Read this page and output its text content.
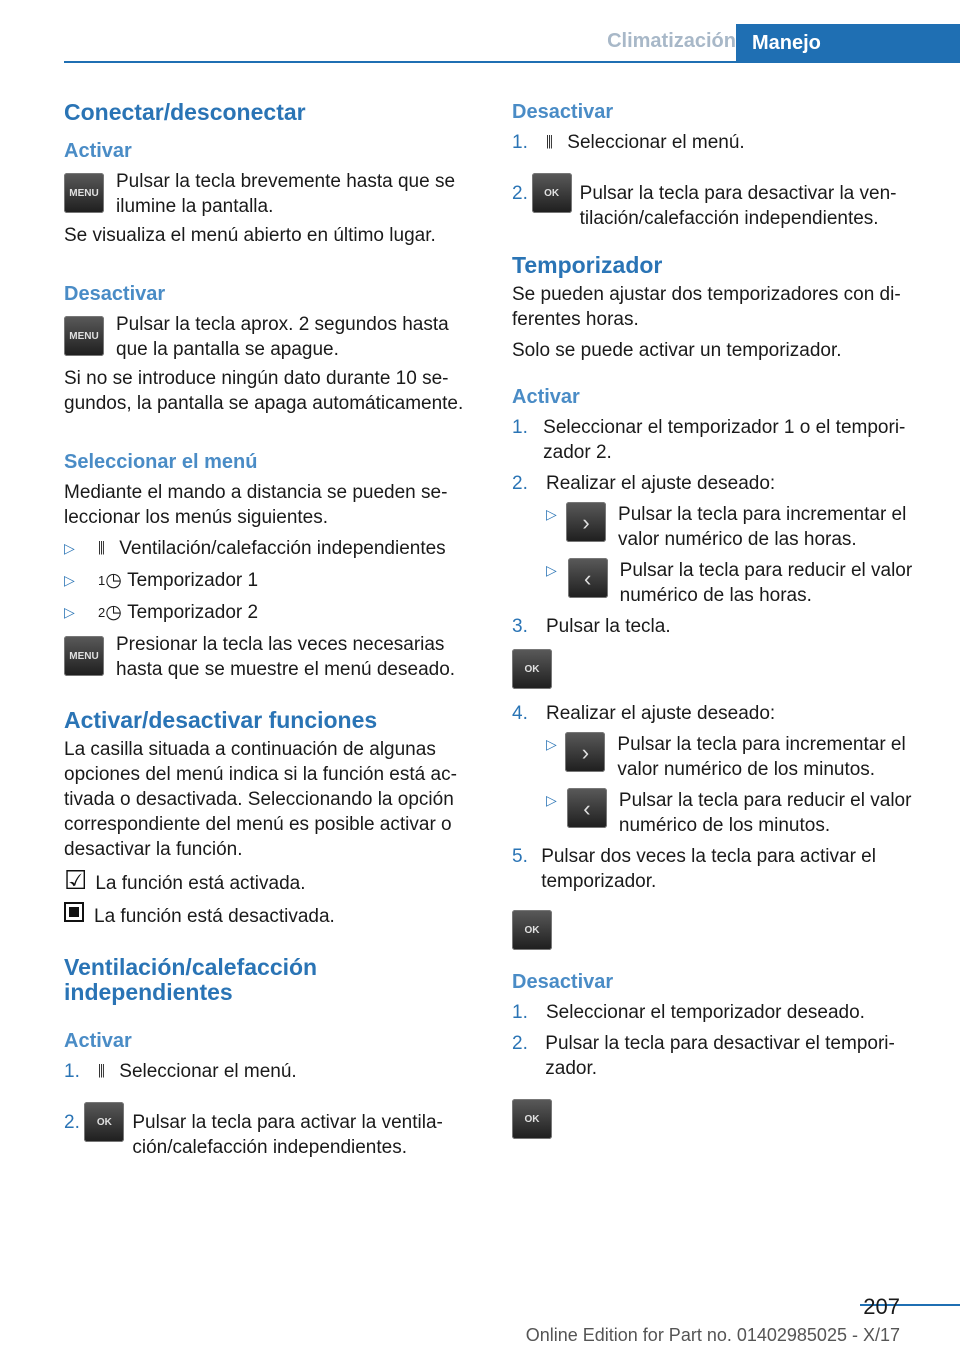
Climatización Manejo
Conectar/desconectar
Activar
MENU

Pulsar la tecla brevemente hasta que se ilumine la pantalla.

Se visualiza el menú abierto en último lugar.

Desactivar
MENU

Pulsar la tecla aprox. 2 segundos hasta que la pantalla se apague.

Si no se introduce ningún dato durante 10 segundos, la pantalla se apaga automáticamente.

Seleccionar el menú

Mediante el mando a distancia se pueden seleccionar los menús siguientes.

▷	⫼
Ventilación/calefacción independientes
▷	1 ◷
Temporizador 1
▷	2 ◷
Temporizador 2
MENU

Presionar la tecla las veces necesarias hasta que se muestre el menú deseado.

Activar/desactivar funciones

La casilla situada a continuación de algunas opciones del menú indica si la función está activada o desactivada. Seleccionando la opción correspondiente del menú es posible activar o desactivar la función.

☑ La función está activada.

La función está desactivada.

Ventilación/calefacción independientes
Activar
1.	⫼
Seleccionar el menú.
2.	OK	Pulsar la tecla para activar la ventilación/calefacción independientes.
Desactivar
1.	⫼
Seleccionar el menú.
2.	OK	Pulsar la tecla para desactivar la ventilación/calefacción independientes.
Temporizador

Se pueden ajustar dos temporizadores con diferentes horas.

Solo se puede activar un temporizador.

Activar
1. Seleccionar el temporizador 1 o el temporizador 2.
2. Realizar el ajuste deseado:
▷	›	Pulsar la tecla para incrementar el valor numérico de las horas.
▷	‹	Pulsar la tecla para reducir el valor numérico de las horas.
3. Pulsar la tecla.
OK
4. Realizar el ajuste deseado:
▷	›	Pulsar la tecla para incrementar el valor numérico de los minutos.
▷	‹	Pulsar la tecla para reducir el valor numérico de los minutos.
5. Pulsar dos veces la tecla para activar el temporizador.
OK
Desactivar
1. Seleccionar el temporizador deseado.
2. Pulsar la tecla para desactivar el temporizador.
OK
207
Online Edition for Part no. 01402985025 - X/17
